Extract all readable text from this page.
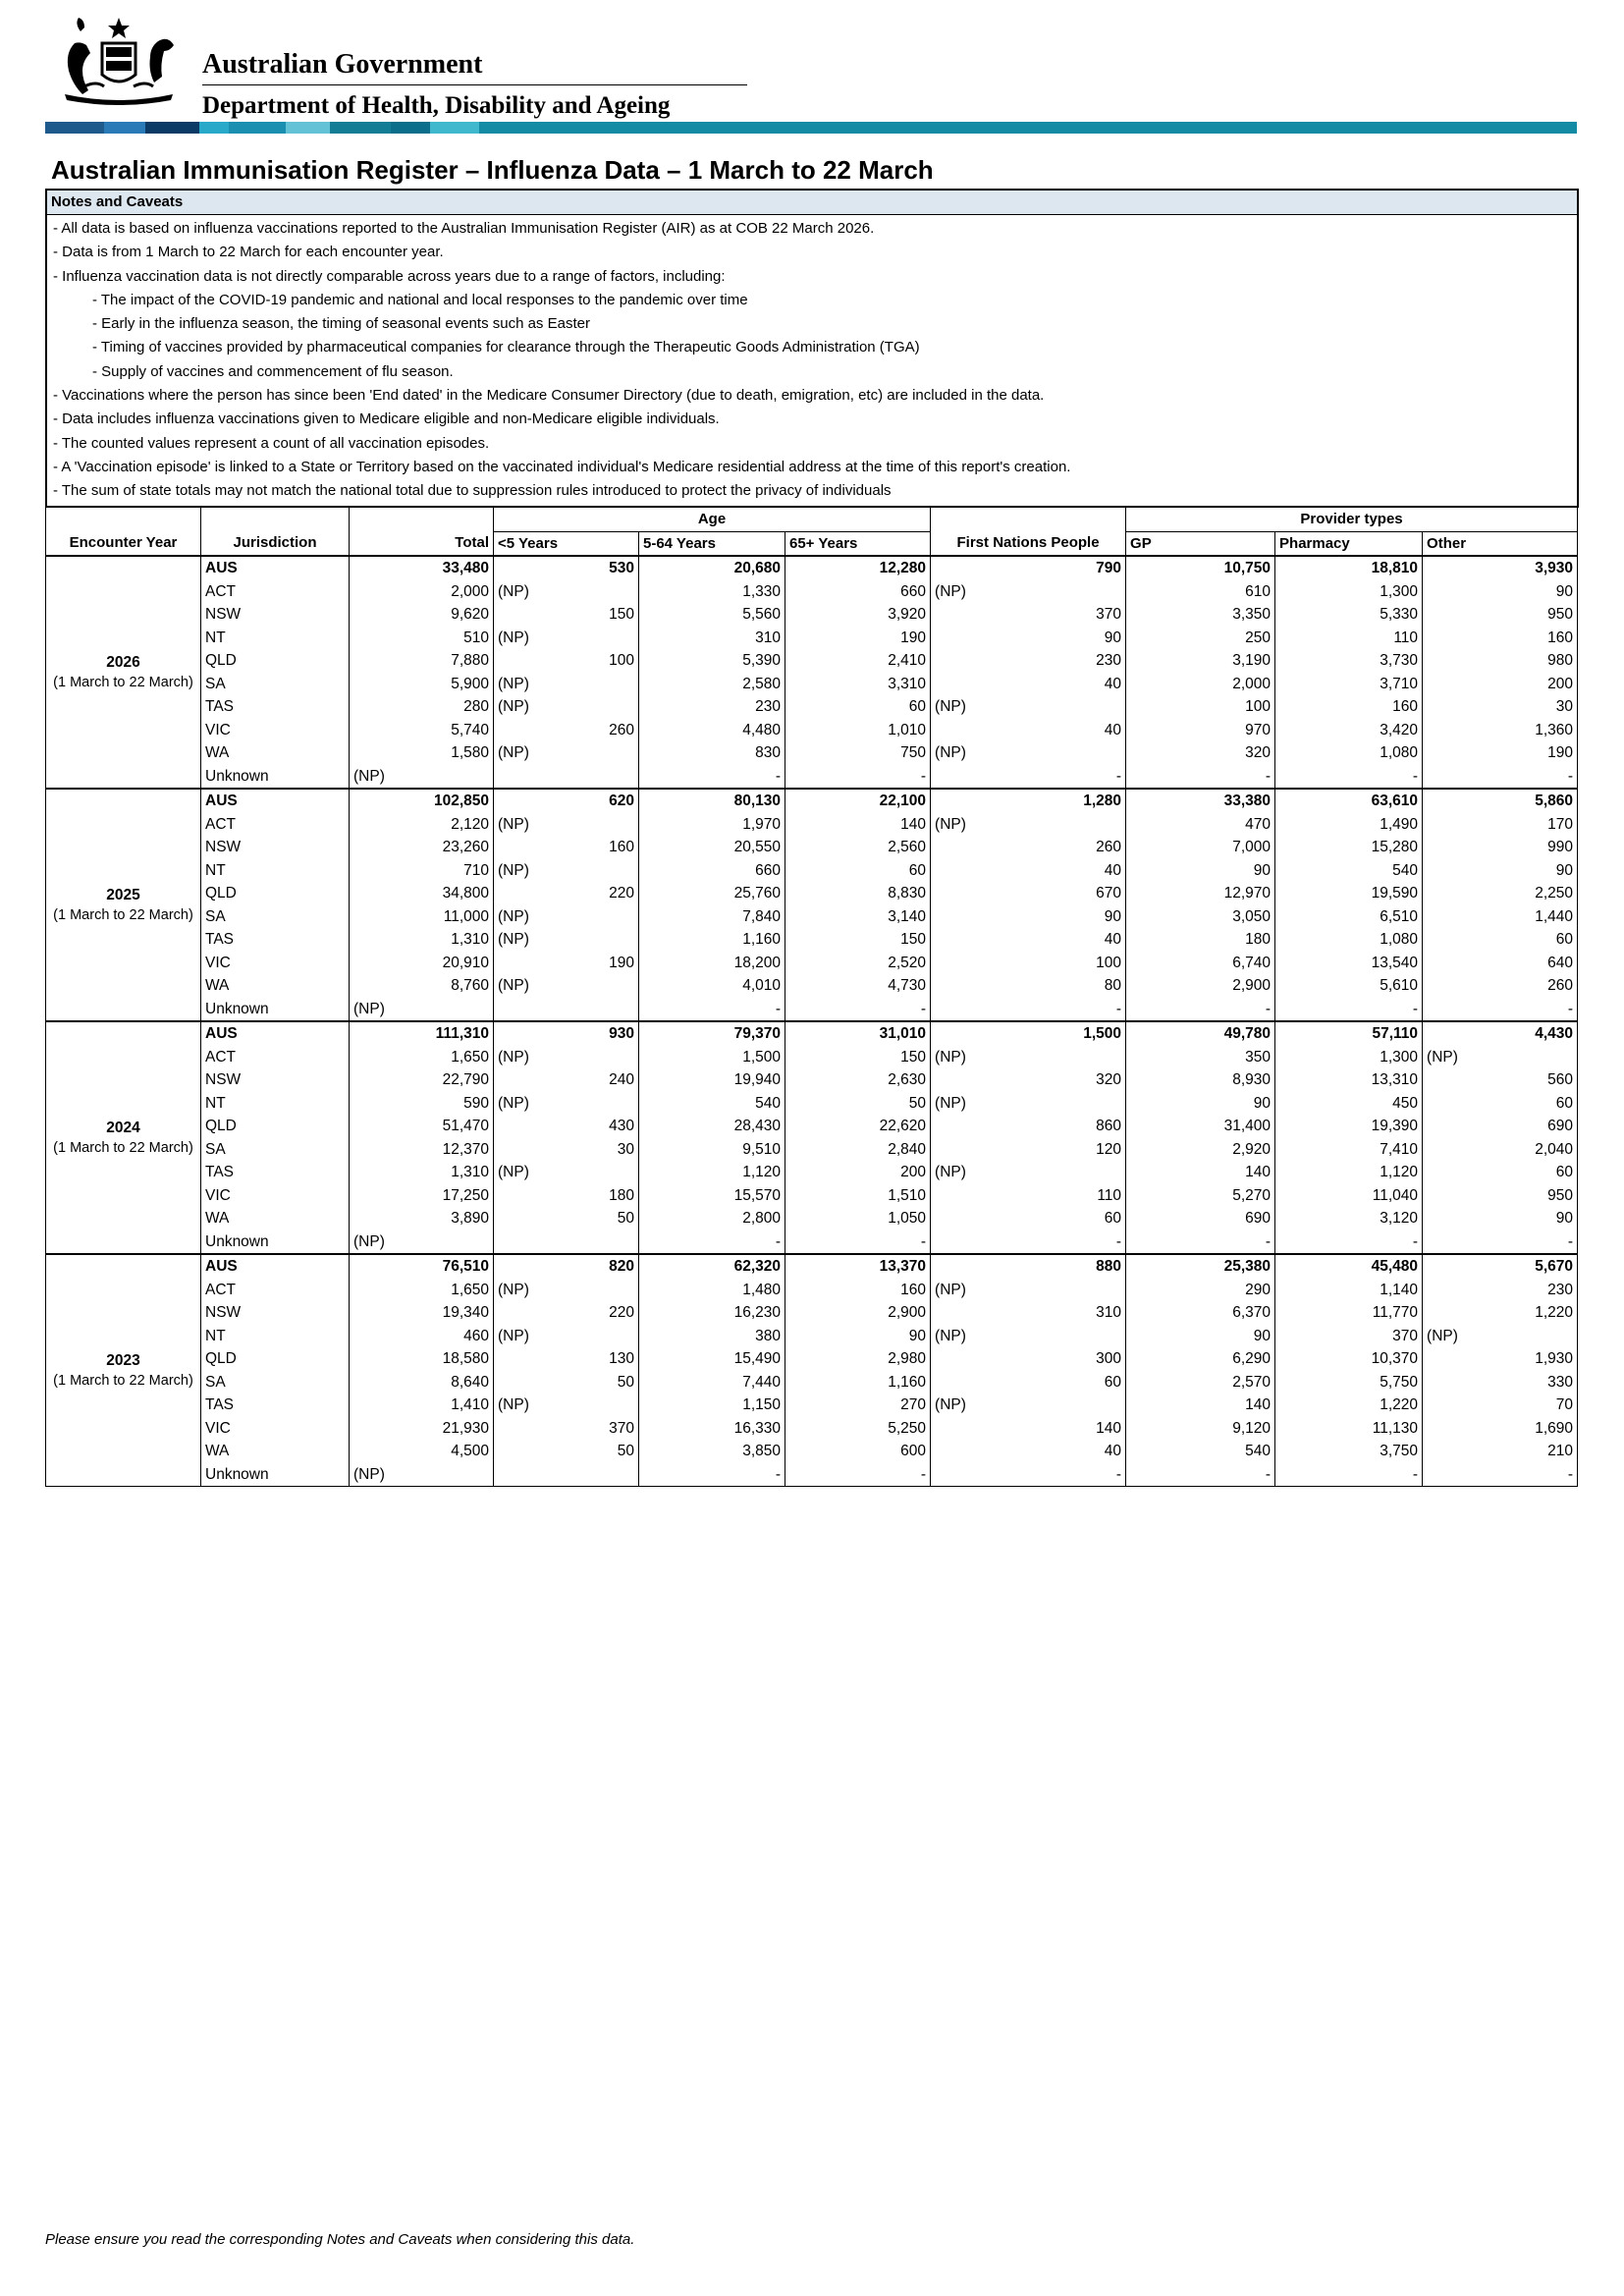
Australian Government
Department of Health, Disability and Ageing
Australian Immunisation Register – Influenza Data – 1 March to 22 March
Notes and Caveats
- All data is based on influenza vaccinations reported to the Australian Immunisation Register (AIR) as at COB 22 March 2026.
- Data is from 1 March to 22 March for each encounter year.
- Influenza vaccination data is not directly comparable across years due to a range of factors, including:
- The impact of the COVID-19 pandemic and national and local responses to the pandemic over time
- Early in the influenza season, the timing of seasonal events such as Easter
- Timing of vaccines provided by pharmaceutical companies for clearance through the Therapeutic Goods Administration (TGA)
- Supply of vaccines and commencement of flu season.
- Vaccinations where the person has since been 'End dated' in the Medicare Consumer Directory (due to death, emigration, etc) are included in the data.
- Data includes influenza vaccinations given to Medicare eligible and non-Medicare eligible individuals.
- The counted values represent a count of all vaccination episodes.
- A 'Vaccination episode' is linked to a State or Territory based on the vaccinated individual's Medicare residential address at the time of this report's creation.
- The sum of state totals may not match the national total due to suppression rules introduced to protect the privacy of individuals
			Age				Provider types		
Encounter Year	Jurisdiction	Total	<5 Years	5-64 Years	65+ Years	First Nations People	GP	Pharmacy	Other

2026
(1 March to 22 March)	AUS	33,480	530	20,680	12,280	790	10,750	18,810	3,930
	ACT	2,000	(NP)	1,330	660	(NP)	610	1,300	90
	NSW	9,620	150	5,560	3,920	370	3,350	5,330	950
	NT	510	(NP)	310	190	90	250	110	160
	QLD	7,880	100	5,390	2,410	230	3,190	3,730	980
	SA	5,900	(NP)	2,580	3,310	40	2,000	3,710	200
	TAS	280	(NP)	230	60	(NP)	100	160	30
	VIC	5,740	260	4,480	1,010	40	970	3,420	1,360
	WA	1,580	(NP)	830	750	(NP)	320	1,080	190
	Unknown	(NP)		-	-	-	-	-	-

2025
(1 March to 22 March)	AUS	102,850	620	80,130	22,100	1,280	33,380	63,610	5,860
	ACT	2,120	(NP)	1,970	140	(NP)	470	1,490	170
	NSW	23,260	160	20,550	2,560	260	7,000	15,280	990
	NT	710	(NP)	660	60	40	90	540	90
	QLD	34,800	220	25,760	8,830	670	12,970	19,590	2,250
	SA	11,000	(NP)	7,840	3,140	90	3,050	6,510	1,440
	TAS	1,310	(NP)	1,160	150	40	180	1,080	60
	VIC	20,910	190	18,200	2,520	100	6,740	13,540	640
	WA	8,760	(NP)	4,010	4,730	80	2,900	5,610	260
	Unknown	(NP)		-	-	-	-	-	-

2024
(1 March to 22 March)	AUS	111,310	930	79,370	31,010	1,500	49,780	57,110	4,430
	ACT	1,650	(NP)	1,500	150	(NP)	350	1,300	(NP)
	NSW	22,790	240	19,940	2,630	320	8,930	13,310	560
	NT	590	(NP)	540	50	(NP)	90	450	60
	QLD	51,470	430	28,430	22,620	860	31,400	19,390	690
	SA	12,370	30	9,510	2,840	120	2,920	7,410	2,040
	TAS	1,310	(NP)	1,120	200	(NP)	140	1,120	60
	VIC	17,250	180	15,570	1,510	110	5,270	11,040	950
	WA	3,890	50	2,800	1,050	60	690	3,120	90
	Unknown	(NP)		-	-	-	-	-	-

2023
(1 March to 22 March)	AUS	76,510	820	62,320	13,370	880	25,380	45,480	5,670
	ACT	1,650	(NP)	1,480	160	(NP)	290	1,140	230
	NSW	19,340	220	16,230	2,900	310	6,370	11,770	1,220
	NT	460	(NP)	380	90	(NP)	90	370	(NP)
	QLD	18,580	130	15,490	2,980	300	6,290	10,370	1,930
	SA	8,640	50	7,440	1,160	60	2,570	5,750	330
	TAS	1,410	(NP)	1,150	270	(NP)	140	1,220	70
	VIC	21,930	370	16,330	5,250	140	9,120	11,130	1,690
	WA	4,500	50	3,850	600	40	540	3,750	210
	Unknown	(NP)		-	-	-	-	-	-
Please ensure you read the corresponding Notes and Caveats when considering this data.
